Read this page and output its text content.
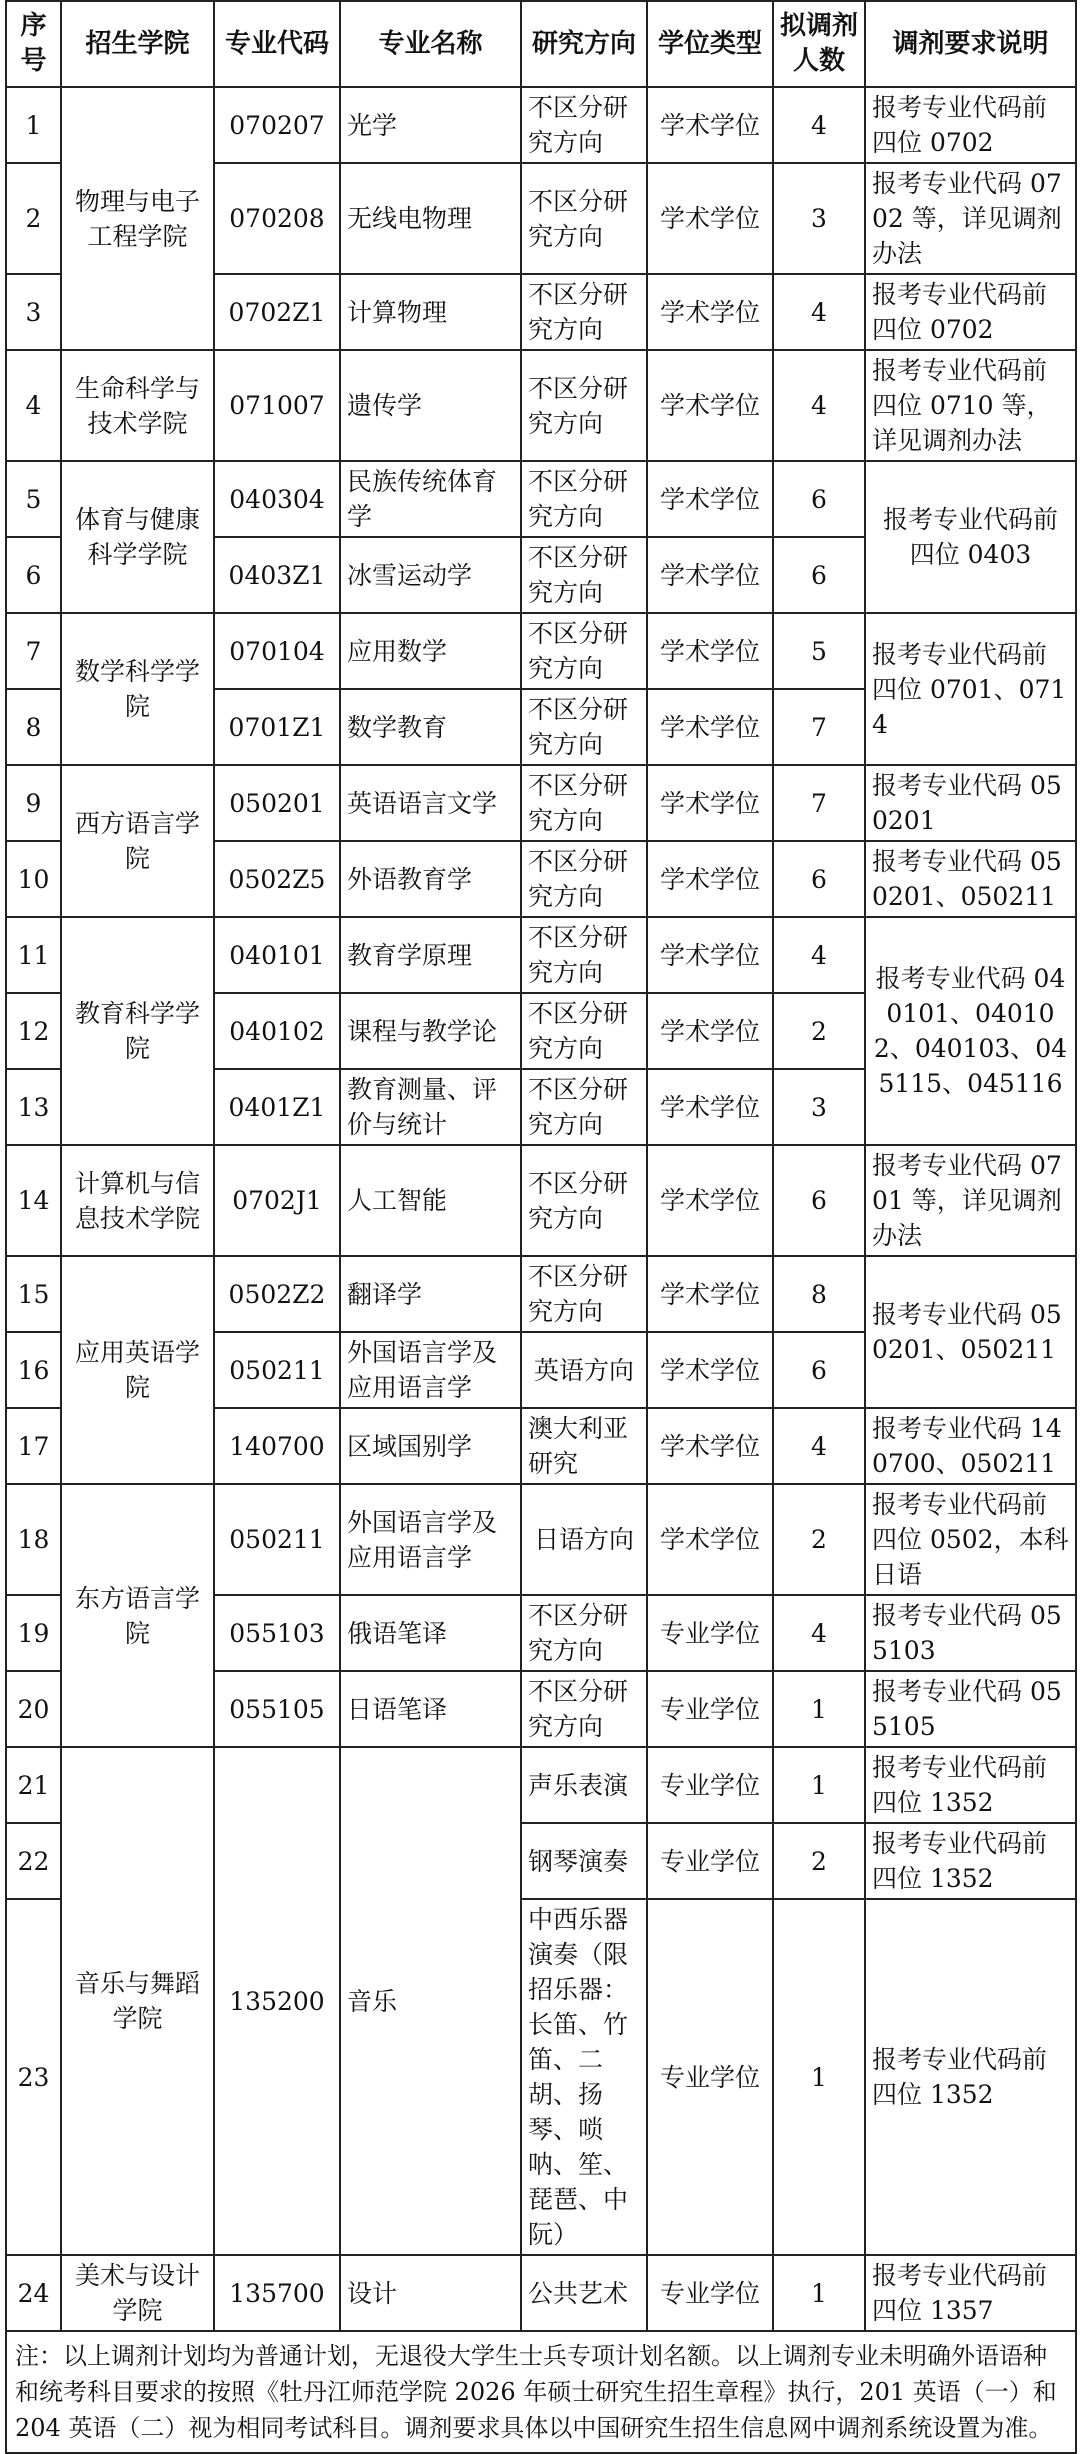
序号	招生学院	专业代码	专业名称	研究方向	学位类型	拟调剂人数	调剂要求说明
1	物理与电子工程学院	070207	光学	不区分研究方向	学术学位	4	报考专业代码前四位 0702
2		070208	无线电物理	不区分研究方向	学术学位	3	报考专业代码 0702 等，详见调剂办法
3		0702Z1	计算物理	不区分研究方向	学术学位	4	报考专业代码前四位 0702
4	生命科学与技术学院	071007	遗传学	不区分研究方向	学术学位	4	报考专业代码前四位 0710 等，详见调剂办法
5	体育与健康科学学院	040304	民族传统体育学	不区分研究方向	学术学位	6	报考专业代码前四位 0403
6		0403Z1	冰雪运动学	不区分研究方向	学术学位	6	
7	数学科学学院	070104	应用数学	不区分研究方向	学术学位	5	报考专业代码前四位 0701、0714
8		0701Z1	数学教育	不区分研究方向	学术学位	7	
9	西方语言学院	050201	英语语言文学	不区分研究方向	学术学位	7	报考专业代码 050201
10		0502Z5	外语教育学	不区分研究方向	学术学位	6	报考专业代码 050201、050211
11	教育科学学院	040101	教育学原理	不区分研究方向	学术学位	4	报考专业代码 040101、040102、040103、045115、045116
12		040102	课程与教学论	不区分研究方向	学术学位	2	
13		0401Z1	教育测量、评价与统计	不区分研究方向	学术学位	3	
14	计算机与信息技术学院	0702J1	人工智能	不区分研究方向	学术学位	6	报考专业代码 0701 等，详见调剂办法
15	应用英语学院	0502Z2	翻译学	不区分研究方向	学术学位	8	报考专业代码 050201、050211
16		050211	外国语言学及应用语言学	英语方向	学术学位	6	
17		140700	区域国别学	澳大利亚研究	学术学位	4	报考专业代码 140700、050211
18	东方语言学院	050211	外国语言学及应用语言学	日语方向	学术学位	2	报考专业代码前四位 0502，本科日语
19		055103	俄语笔译	不区分研究方向	专业学位	4	报考专业代码 055103
20		055105	日语笔译	不区分研究方向	专业学位	1	报考专业代码 055105
21	音乐与舞蹈学院	135200	音乐	声乐表演	专业学位	1	报考专业代码前四位 1352
22				钢琴演奏	专业学位	2	报考专业代码前四位 1352
23				中西乐器演奏（限招乐器：长笛、竹笛、二胡、扬琴、唢呐、笙、琵琶、中阮）	专业学位	1	报考专业代码前四位 1352
24	美术与设计学院	135700	设计	公共艺术	专业学位	1	报考专业代码前四位 1357
注：以上调剂计划均为普通计划，无退役大学生士兵专项计划名额。以上调剂专业未明确外语语种和统考科目要求的按照《牡丹江师范学院 2026 年硕士研究生招生章程》执行，201 英语（一）和 204 英语（二）视为相同考试科目。调剂要求具体以中国研究生招生信息网中调剂系统设置为准。							
